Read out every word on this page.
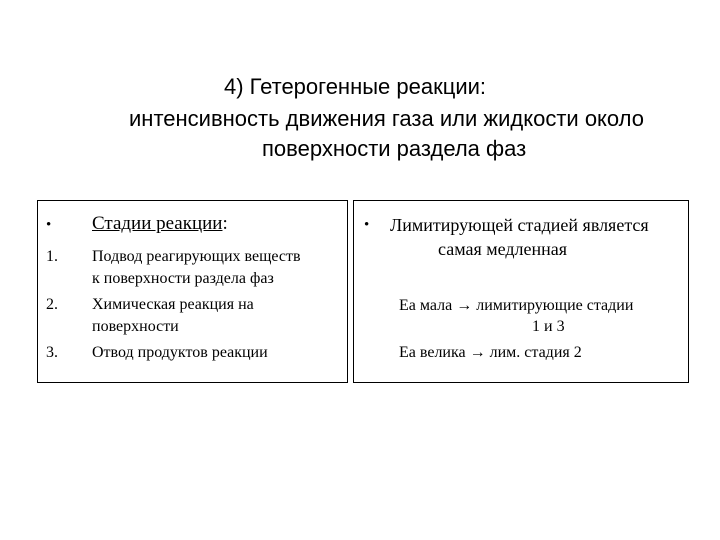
4) Гетерогенные реакции:
интенсивность движения газа или жидкости около
поверхности раздела фаз
• Стадии реакции:
1. Подвод реагирующих веществ
к поверхности раздела фаз
2. Химическая реакция на
поверхности
3. Отвод продуктов реакции
• Лимитирующей стадией является
самая медленная
Ea мала → лимитирующие стадии
1 и 3
Ea велика → лим. стадия 2
